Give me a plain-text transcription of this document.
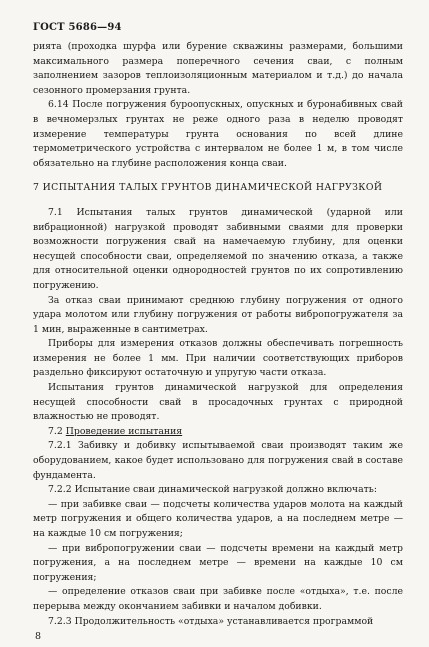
ГОСТ 5686—94

рията (проходка шурфа или бурение скважины размерами, большими максимального размера поперечного сечения сваи, с полным заполнением зазоров теплоизоляционным материалом и т.д.) до начала сезонного промерзания грунта.

6.14 После погружения буроопускных, опускных и буронабивных свай в вечномерзлых грунтах не реже одного раза в неделю проводят измерение температуры грунта основания по всей длине термометрического устройства с интервалом не более 1 м, в том числе обязательно на глубине расположения конца сваи.

7 ИСПЫТАНИЯ ТАЛЫХ ГРУНТОВ ДИНАМИЧЕСКОЙ НАГРУЗКОЙ

7.1 Испытания талых грунтов динамической (ударной или вибрационной) нагрузкой проводят забивными сваями для проверки возможности погружения свай на намечаемую глубину, для оценки несущей способности сваи, определяемой по значению отказа, а также для относительной оценки однородностей грунтов по их сопротивлению погружению.

За отказ сваи принимают среднюю глубину погружения от одного удара молотом или глубину погружения от работы вибропогружателя за 1 мин, выраженные в сантиметрах.

Приборы для измерения отказов должны обеспечивать погрешность измерения не более 1 мм. При наличии соответствующих приборов раздельно фиксируют остаточную и упругую части отказа.

Испытания грунтов динамической нагрузкой для определения несущей способности свай в просадочных грунтах с природной влажностью не проводят.

7.2 Проведение испытания

7.2.1 Забивку и добивку испытываемой сваи производят таким же оборудованием, какое будет использовано для погружения свай в составе фундамента.

7.2.2 Испытание сваи динамической нагрузкой должно включать:

— при забивке сваи — подсчеты количества ударов молота на каждый метр погружения и общего количества ударов, а на последнем метре — на каждые 10 см погружения;

— при вибропогружении сваи — подсчеты времени на каждый метр погружения, а на последнем метре — времени на каждые 10 см погружения;

— определение отказов сваи при забивке после «отдыха», т.е. после перерыва между окончанием забивки и началом добивки.

7.2.3 Продолжительность «отдыха» устанавливается программой

8
